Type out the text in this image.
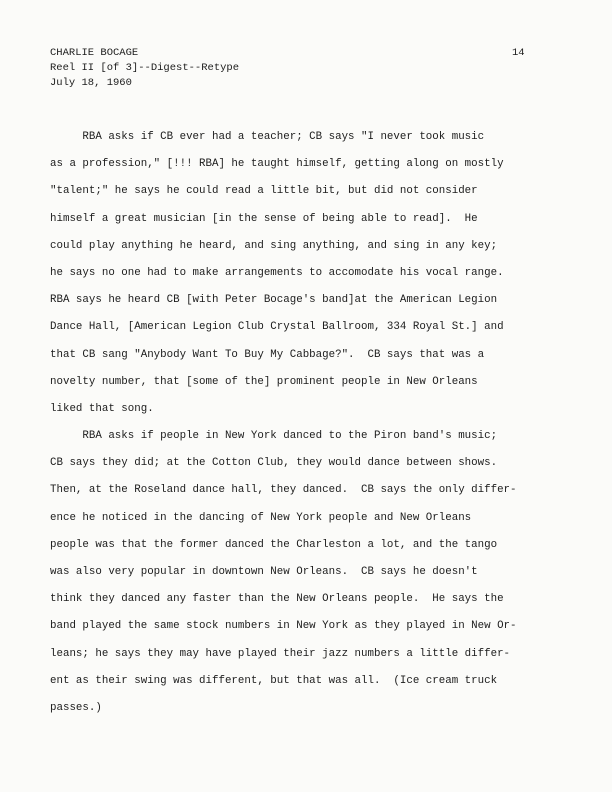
CHARLIE BOCAGE
Reel II [of 3]--Digest--Retype
July 18, 1960
14
RBA asks if CB ever had a teacher; CB says "I never took music
as a profession," [!!! RBA] he taught himself, getting along on mostly
"talent;" he says he could read a little bit, but did not consider
himself a great musician [in the sense of being able to read].  He
could play anything he heard, and sing anything, and sing in any key;
he says no one had to make arrangements to accomodate his vocal range.
RBA says he heard CB [with Peter Bocage's band]at the American Legion
Dance Hall, [American Legion Club Crystal Ballroom, 334 Royal St.] and
that CB sang "Anybody Want To Buy My Cabbage?".  CB says that was a
novelty number, that [some of the] prominent people in New Orleans
liked that song.
RBA asks if people in New York danced to the Piron band's music;
CB says they did; at the Cotton Club, they would dance between shows.
Then, at the Roseland dance hall, they danced.  CB says the only differ-
ence he noticed in the dancing of New York people and New Orleans
people was that the former danced the Charleston a lot, and the tango
was also very popular in downtown New Orleans.  CB says he doesn't
think they danced any faster than the New Orleans people.  He says the
band played the same stock numbers in New York as they played in New Or-
leans; he says they may have played their jazz numbers a little differ-
ent as their swing was different, but that was all.  (Ice cream truck
passes.)
